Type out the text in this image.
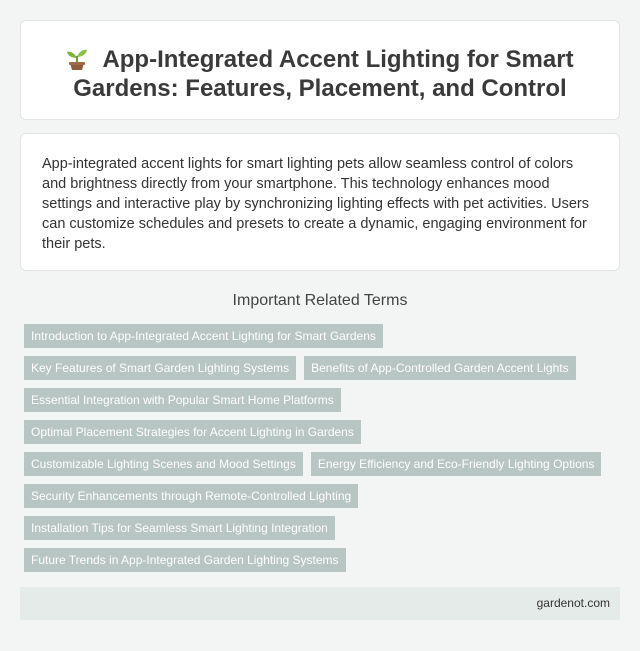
App-Integrated Accent Lighting for Smart Gardens: Features, Placement, and Control

App-integrated accent lights for smart lighting pets allow seamless control of colors and brightness directly from your smartphone. This technology enhances mood settings and interactive play by synchronizing lighting effects with pet activities. Users can customize schedules and presets to create a dynamic, engaging environment for their pets.

Important Related Terms
Introduction to App-Integrated Accent Lighting for Smart Gardens
Key Features of Smart Garden Lighting Systems	Benefits of App-Controlled Garden Accent Lights
Essential Integration with Popular Smart Home Platforms
Optimal Placement Strategies for Accent Lighting in Gardens
Customizable Lighting Scenes and Mood Settings	Energy Efficiency and Eco-Friendly Lighting Options
Security Enhancements through Remote-Controlled Lighting
Installation Tips for Seamless Smart Lighting Integration
Future Trends in App-Integrated Garden Lighting Systems
gardenot.com
